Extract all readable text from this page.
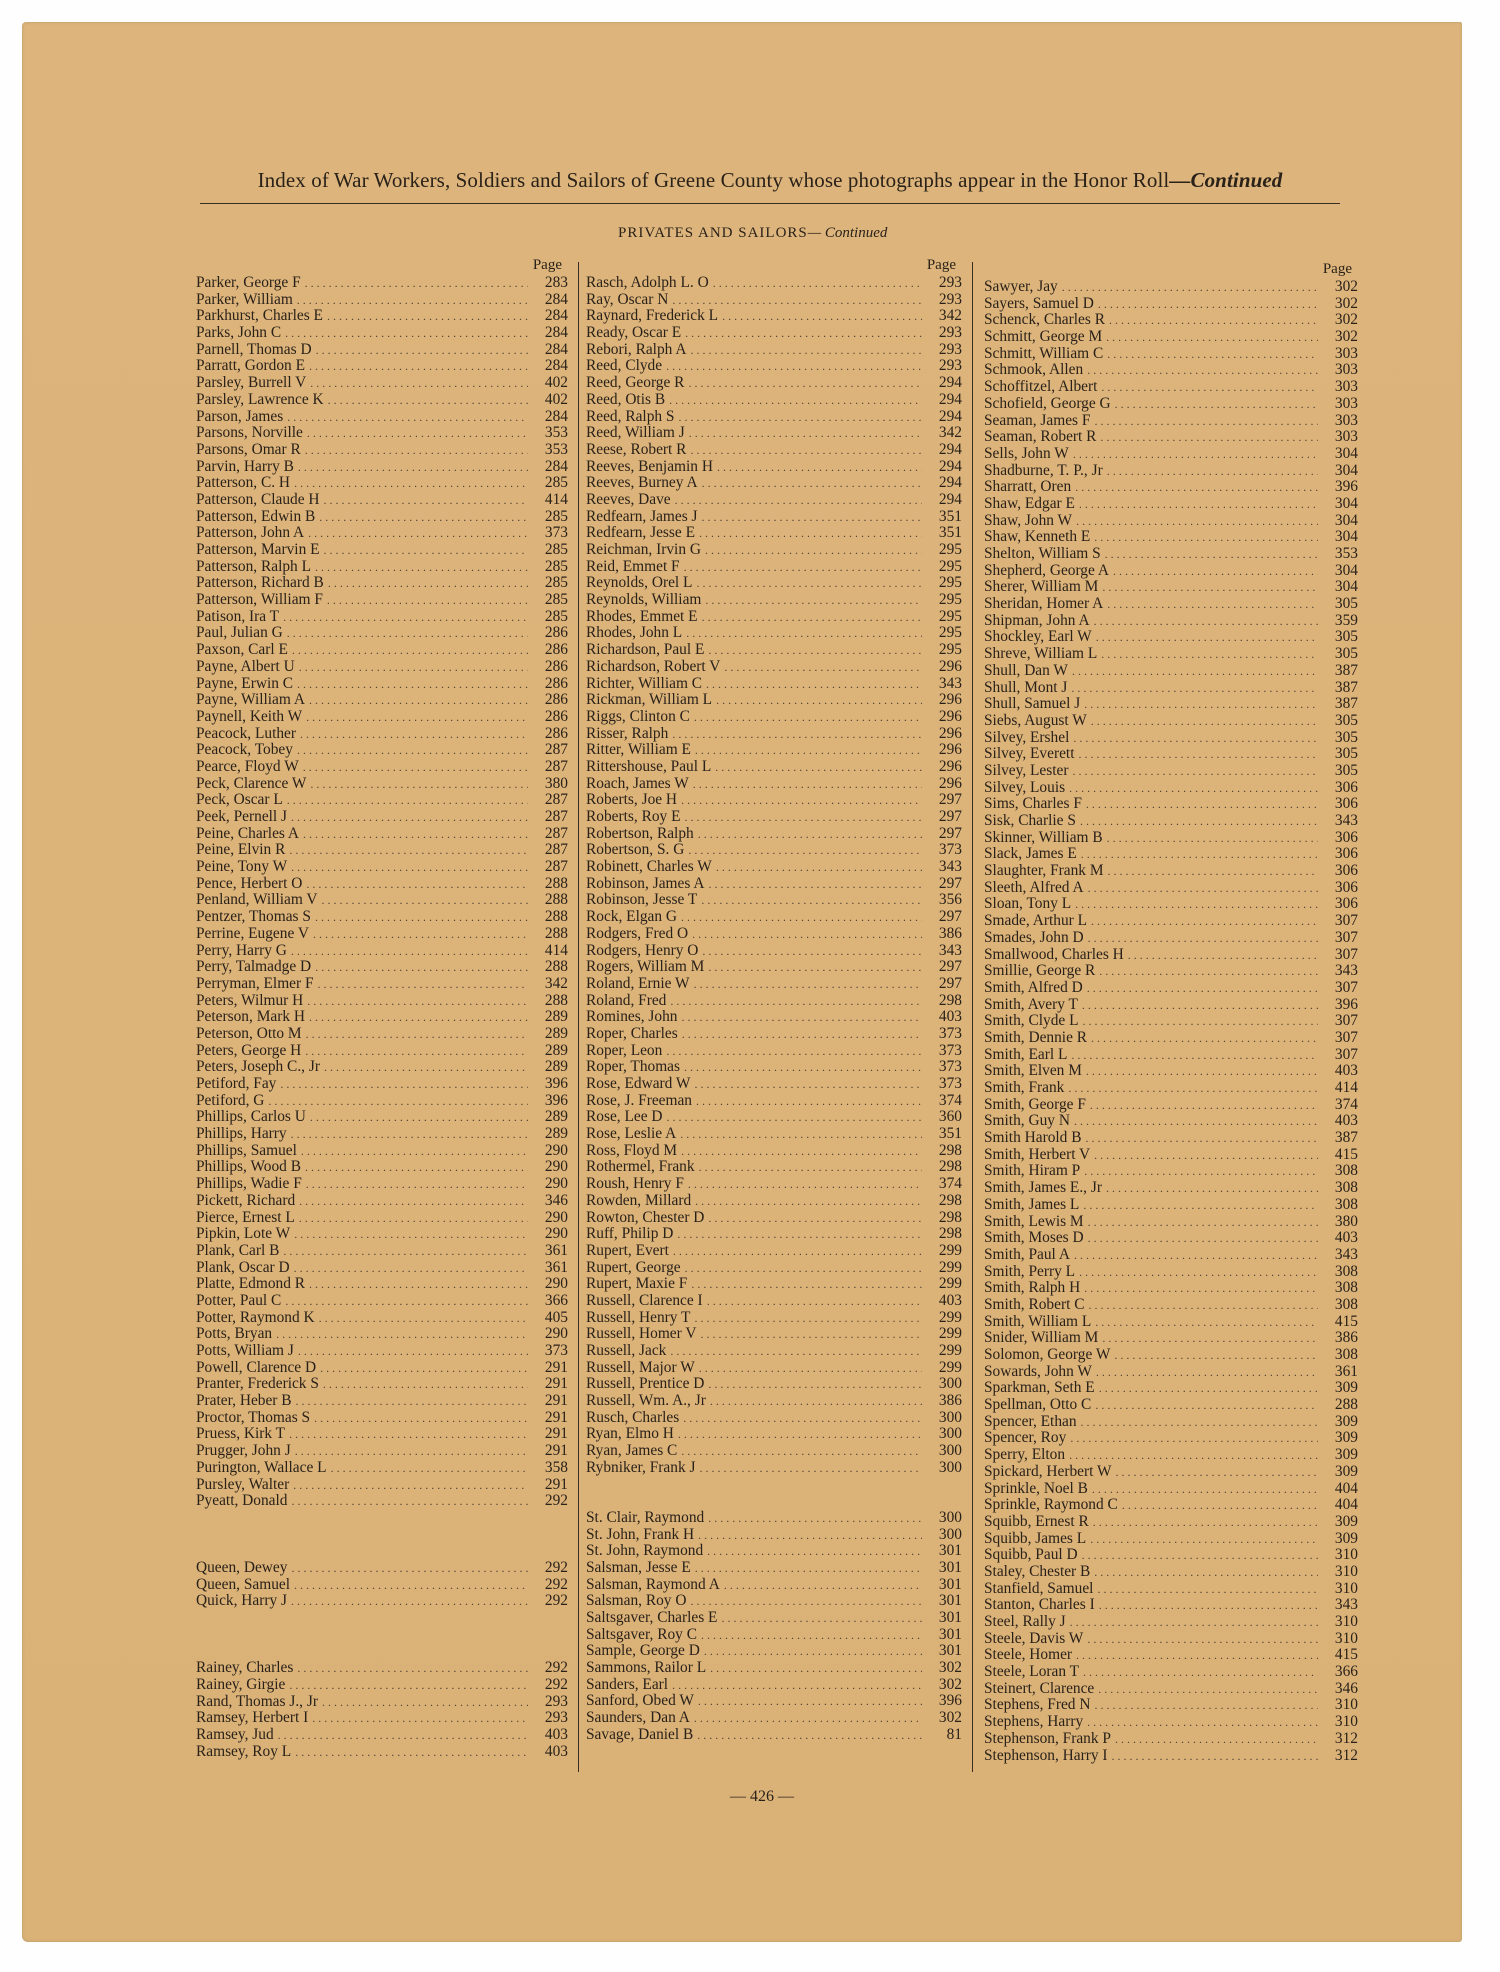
Index of War Workers, Soldiers and Sailors of Greene County whose photographs appear in the Honor Roll—Continued
PRIVATES AND SAILORS— Continued
Page
Parker, George F .....	283
Parker, William .....	284
Parkhurst, Charles E .....	284
Parks, John C .....	284
Parnell, Thomas D .....	284
Parratt, Gordon E .....	284
Parsley, Burrell V .....	402
Parsley, Lawrence K .....	402
Parson, James .....	284
Parsons, Norville .....	353
Parsons, Omar R .....	353
Parvin, Harry B .....	284
Patterson, C. H .....	285
Patterson, Claude H .....	414
Patterson, Edwin B .....	285
Patterson, John A .....	373
Patterson, Marvin E .....	285
Patterson, Ralph L .....	285
Patterson, Richard B .....	285
Patterson, William F .....	285
Patison, Ira T .....	285
Paul, Julian G .....	286
Paxson, Carl E .....	286
Payne, Albert U .....	286
Payne, Erwin C .....	286
Payne, William A .....	286
Paynell, Keith W .....	286
Peacock, Luther .....	286
Peacock, Tobey .....	287
Pearce, Floyd W .....	287
Peck, Clarence W .....	380
Peck, Oscar L .....	287
Peek, Pernell J .....	287
Peine, Charles A .....	287
Peine, Elvin R .....	287
Peine, Tony W .....	287
Pence, Herbert O .....	288
Penland, William V .....	288
Pentzer, Thomas S .....	288
Perrine, Eugene V .....	288
Perry, Harry G .....	414
Perry, Talmadge D .....	288
Perryman, Elmer F .....	342
Peters, Wilmur H .....	288
Peterson, Mark H .....	289
Peterson, Otto M .....	289
Peters, George H .....	289
Peters, Joseph C., Jr .....	289
Petiford, Fay .....	396
Petiford, G .....	396
Phillips, Carlos U .....	289
Phillips, Harry .....	289
Phillips, Samuel .....	290
Phillips, Wood B .....	290
Phillips, Wadie F .....	290
Pickett, Richard .....	346
Pierce, Ernest L .....	290
Pipkin, Lote W .....	290
Plank, Carl B .....	361
Plank, Oscar D .....	361
Platte, Edmond R .....	290
Potter, Paul C .....	366
Potter, Raymond K .....	405
Potts, Bryan .....	290
Potts, William J .....	373
Powell, Clarence D .....	291
Pranter, Frederick S .....	291
Prater, Heber B .....	291
Proctor, Thomas S .....	291
Pruess, Kirk T .....	291
Prugger, John J .....	291
Purington, Wallace L .....	358
Pursley, Walter .....	291
Pyeatt, Donald .....	292
Queen, Dewey .....	292
Queen, Samuel .....	292
Quick, Harry J .....	292
Rainey, Charles .....	292
Rainey, Girgie .....	292
Rand, Thomas J., Jr .....	293
Ramsey, Herbert I .....	293
Ramsey, Jud .....	403
Ramsey, Roy L .....	403
Page
Rasch, Adolph L. O .....	293
Ray, Oscar N .....	293
Raynard, Frederick L .....	342
Ready, Oscar E .....	293
Rebori, Ralph A .....	293
Reed, Clyde .....	293
Reed, George R .....	294
Reed, Otis B .....	294
Reed, Ralph S .....	294
Reed, William J .....	342
Reese, Robert R .....	294
Reeves, Benjamin H .....	294
Reeves, Burney A .....	294
Reeves, Dave .....	294
Redfearn, James J .....	351
Redfearn, Jesse E .....	351
Reichman, Irvin G .....	295
Reid, Emmet F .....	295
Reynolds, Orel L .....	295
Reynolds, William .....	295
Rhodes, Emmet E .....	295
Rhodes, John L .....	295
Richardson, Paul E .....	295
Richardson, Robert V .....	296
Richter, William C .....	343
Rickman, William L .....	296
Riggs, Clinton C .....	296
Risser, Ralph .....	296
Ritter, William E .....	296
Rittershouse, Paul L .....	296
Roach, James W .....	296
Roberts, Joe H .....	297
Roberts, Roy E .....	297
Robertson, Ralph .....	297
Robertson, S. G .....	373
Robinett, Charles W .....	343
Robinson, James A .....	297
Robinson, Jesse T .....	356
Rock, Elgan G .....	297
Rodgers, Fred O .....	386
Rodgers, Henry O .....	343
Rogers, William M .....	297
Roland, Ernie W .....	297
Roland, Fred .....	298
Romines, John .....	403
Roper, Charles .....	373
Roper, Leon .....	373
Roper, Thomas .....	373
Rose, Edward W .....	373
Rose, J. Freeman .....	374
Rose, Lee D .....	360
Rose, Leslie A .....	351
Ross, Floyd M .....	298
Rothermel, Frank .....	298
Roush, Henry F .....	374
Rowden, Millard .....	298
Rowton, Chester D .....	298
Ruff, Philip D .....	298
Rupert, Evert .....	299
Rupert, George .....	299
Rupert, Maxie F .....	299
Russell, Clarence I .....	403
Russell, Henry T .....	299
Russell, Homer V .....	299
Russell, Jack .....	299
Russell, Major W .....	299
Russell, Prentice D .....	300
Russell, Wm. A., Jr .....	386
Rusch, Charles .....	300
Ryan, Elmo H .....	300
Ryan, James C .....	300
Rybniker, Frank J .....	300
St. Clair, Raymond .....	300
St. John, Frank H .....	300
St. John, Raymond .....	301
Salsman, Jesse E .....	301
Salsman, Raymond A .....	301
Salsman, Roy O .....	301
Saltsgaver, Charles E .....	301
Saltsgaver, Roy C .....	301
Sample, George D .....	301
Sammons, Railor L .....	302
Sanders, Earl .....	302
Sanford, Obed W .....	396
Saunders, Dan A .....	302
Savage, Daniel B .....	81
Page
Sawyer, Jay .....	302
Sayers, Samuel D .....	302
Schenck, Charles R .....	302
Schmitt, George M .....	302
Schmitt, William C .....	303
Schmook, Allen .....	303
Schoffitzel, Albert .....	303
Schofield, George G .....	303
Seaman, James F .....	303
Seaman, Robert R .....	303
Sells, John W .....	304
Shadburne, T. P., Jr .....	304
Sharratt, Oren .....	396
Shaw, Edgar E .....	304
Shaw, John W .....	304
Shaw, Kenneth E .....	304
Shelton, William S .....	353
Shepherd, George A .....	304
Sherer, William M .....	304
Sheridan, Homer A .....	305
Shipman, John A .....	359
Shockley, Earl W .....	305
Shreve, William L .....	305
Shull, Dan W .....	387
Shull, Mont J .....	387
Shull, Samuel J .....	387
Siebs, August W .....	305
Silvey, Ershel .....	305
Silvey, Everett .....	305
Silvey, Lester .....	305
Silvey, Louis .....	306
Sims, Charles F .....	306
Sisk, Charlie S .....	343
Skinner, William B .....	306
Slack, James E .....	306
Slaughter, Frank M .....	306
Sleeth, Alfred A .....	306
Sloan, Tony L .....	306
Smade, Arthur L .....	307
Smades, John D .....	307
Smallwood, Charles H .....	307
Smillie, George R .....	343
Smith, Alfred D .....	307
Smith, Avery T .....	396
Smith, Clyde L .....	307
Smith, Dennie R .....	307
Smith, Earl L .....	307
Smith, Elven M .....	403
Smith, Frank .....	414
Smith, George F .....	374
Smith, Guy N .....	403
Smith Harold B .....	387
Smith, Herbert V .....	415
Smith, Hiram P .....	308
Smith, James E., Jr .....	308
Smith, James L .....	308
Smith, Lewis M .....	380
Smith, Moses D .....	403
Smith, Paul A .....	343
Smith, Perry L .....	308
Smith, Ralph H .....	308
Smith, Robert C .....	308
Smith, William L .....	415
Snider, William M .....	386
Solomon, George W .....	308
Sowards, John W .....	361
Sparkman, Seth E .....	309
Spellman, Otto C .....	288
Spencer, Ethan .....	309
Spencer, Roy .....	309
Sperry, Elton .....	309
Spickard, Herbert W .....	309
Sprinkle, Noel B .....	404
Sprinkle, Raymond C .....	404
Squibb, Ernest R .....	309
Squibb, James L .....	309
Squibb, Paul D .....	310
Staley, Chester B .....	310
Stanfield, Samuel .....	310
Stanton, Charles I .....	343
Steel, Rally J .....	310
Steele, Davis W .....	310
Steele, Homer .....	415
Steele, Loran T .....	366
Steinert, Clarence .....	346
Stephens, Fred N .....	310
Stephens, Harry .....	310
Stephenson, Frank P .....	312
Stephenson, Harry I .....	312
— 426 —
